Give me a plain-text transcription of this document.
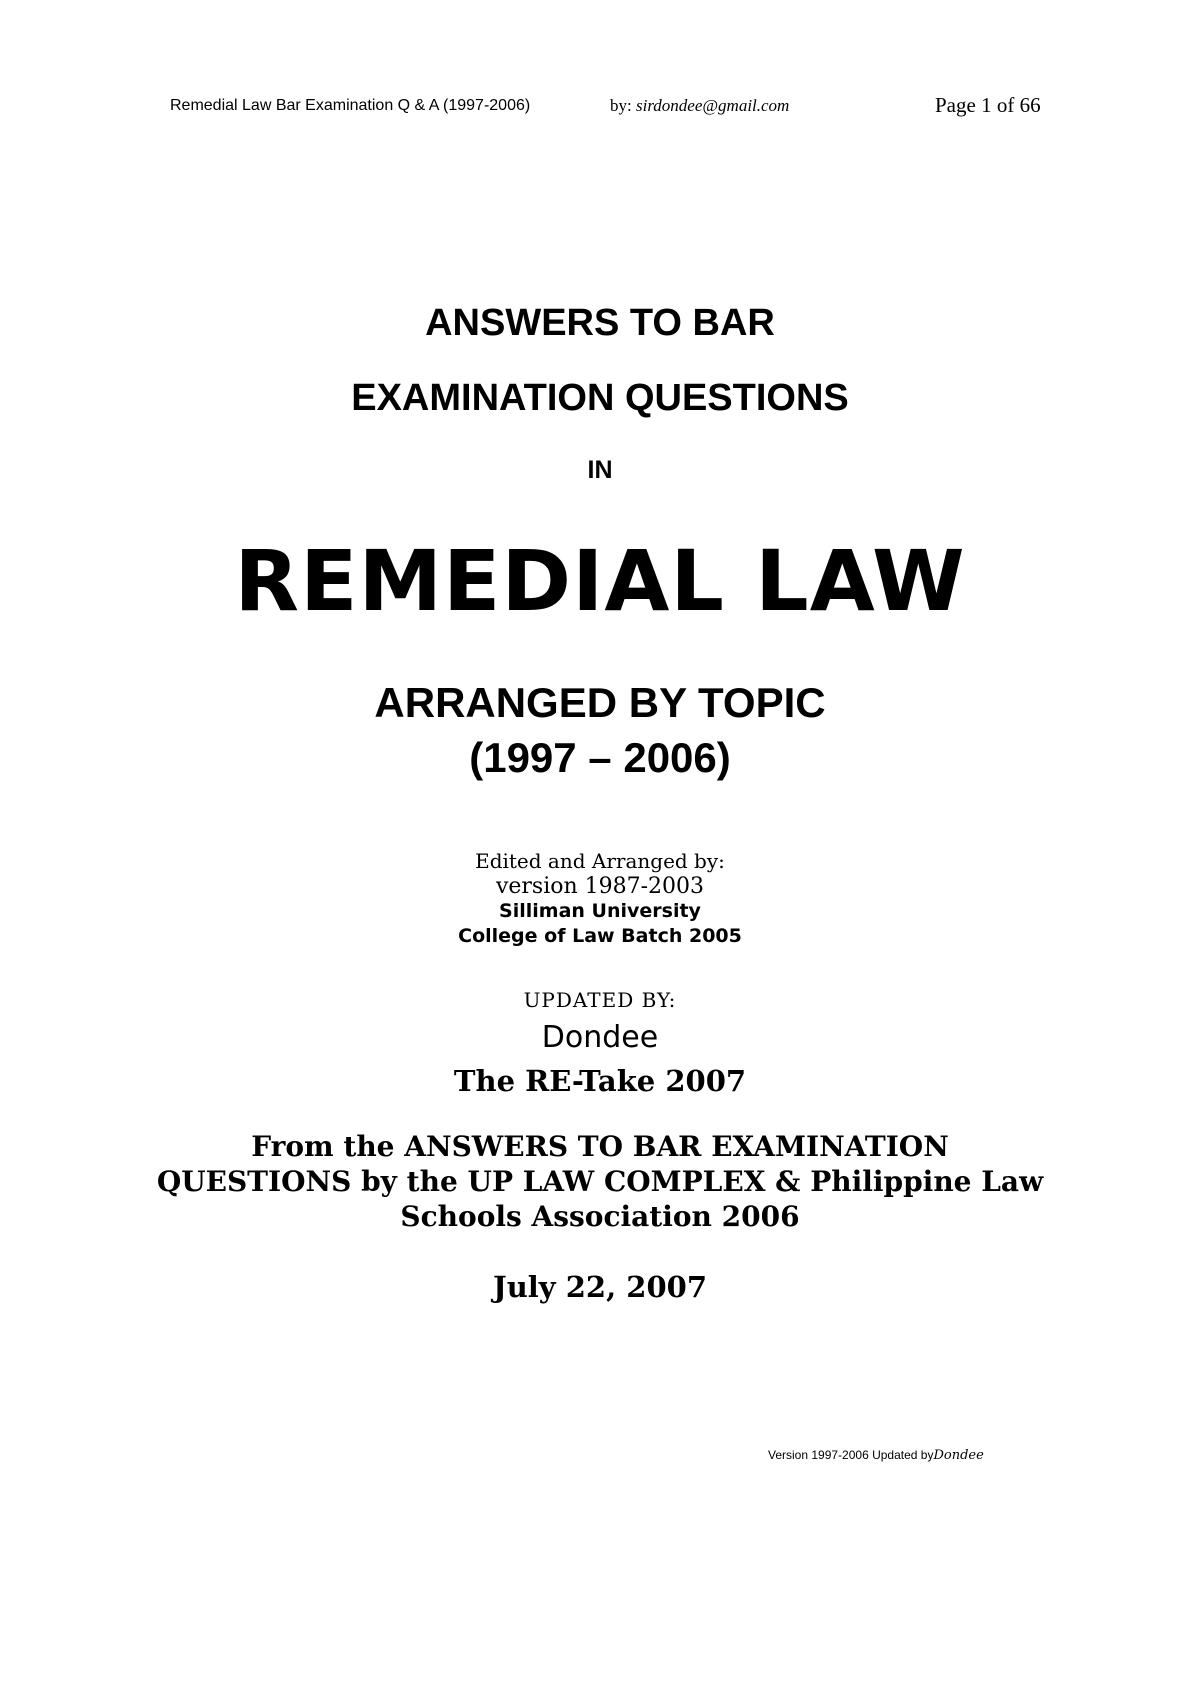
Remedial Law Bar Examination Q & A (1997-2006)	by: sirdondee@gmail.com	Page 1 of 66
ANSWERS TO BAR
EXAMINATION QUESTIONS
IN
REMEDIAL LAW
ARRANGED BY TOPIC
(1997 – 2006)
Edited and Arranged by:
version 1987-2003
Silliman University
College of Law Batch 2005
UPDATED BY:
Dondee
The RE-Take 2007
From the ANSWERS TO BAR EXAMINATION
QUESTIONS by the UP LAW COMPLEX & Philippine Law
Schools Association 2006
July 22, 2007
Version 1997-2006 Updated byDondee
